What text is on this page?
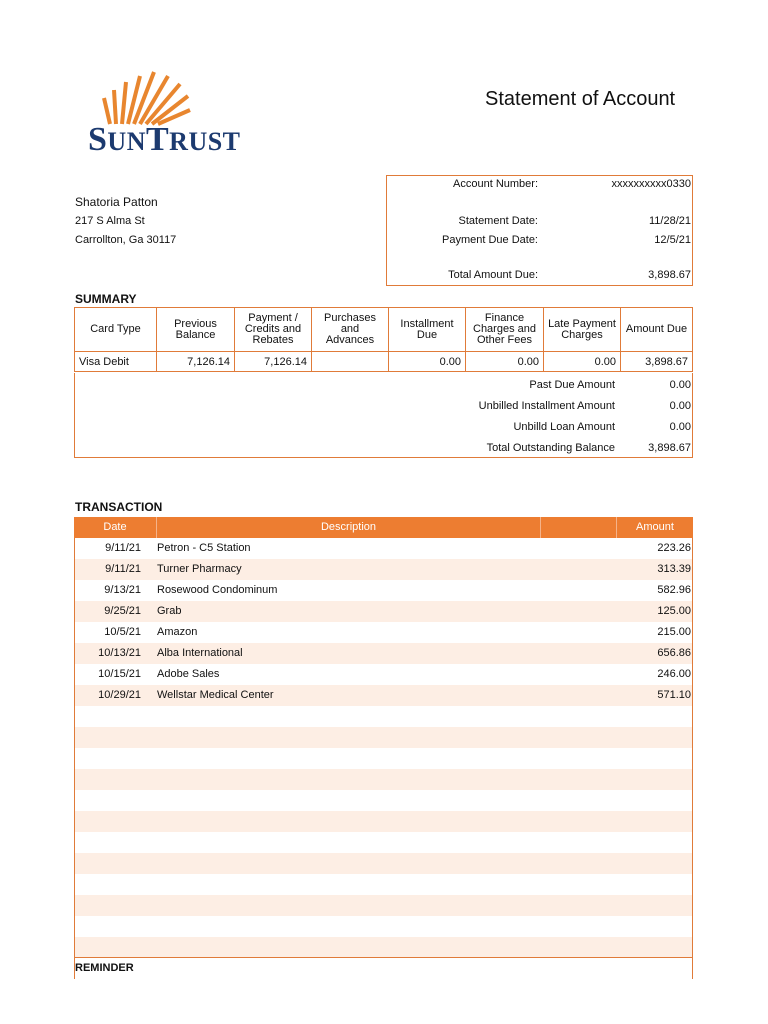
SUNTRUST
Statement of Account
Shatoria Patton
217 S Alma St
Carrollton, Ga 30117
Account Number:	xxxxxxxxxx0330
Statement Date:	11/28/21
Payment Due Date:	12/5/21
Total Amount Due:	3,898.67
SUMMARY
Card Type	Previous Balance	Payment / Credits and Rebates	Purchases and Advances	Installment Due	Finance Charges and Other Fees	Late Payment Charges	Amount Due
Visa Debit	7,126.14	7,126.14		0.00	0.00	0.00	3,898.67
Past Due Amount	0.00
Unbilled Installment Amount	0.00
Unbilld Loan Amount	0.00
Total Outstanding Balance	3,898.67
TRANSACTION
Date	Description	Amount
9/11/21 Petron - C5 Station	223.26
9/11/21 Turner Pharmacy	313.39
9/13/21 Rosewood Condominum	582.96
9/25/21 Grab	125.00
10/5/21 Amazon	215.00
10/13/21 Alba International	656.86
10/15/21 Adobe Sales	246.00
10/29/21 Wellstar Medical Center	571.10
REMINDER
